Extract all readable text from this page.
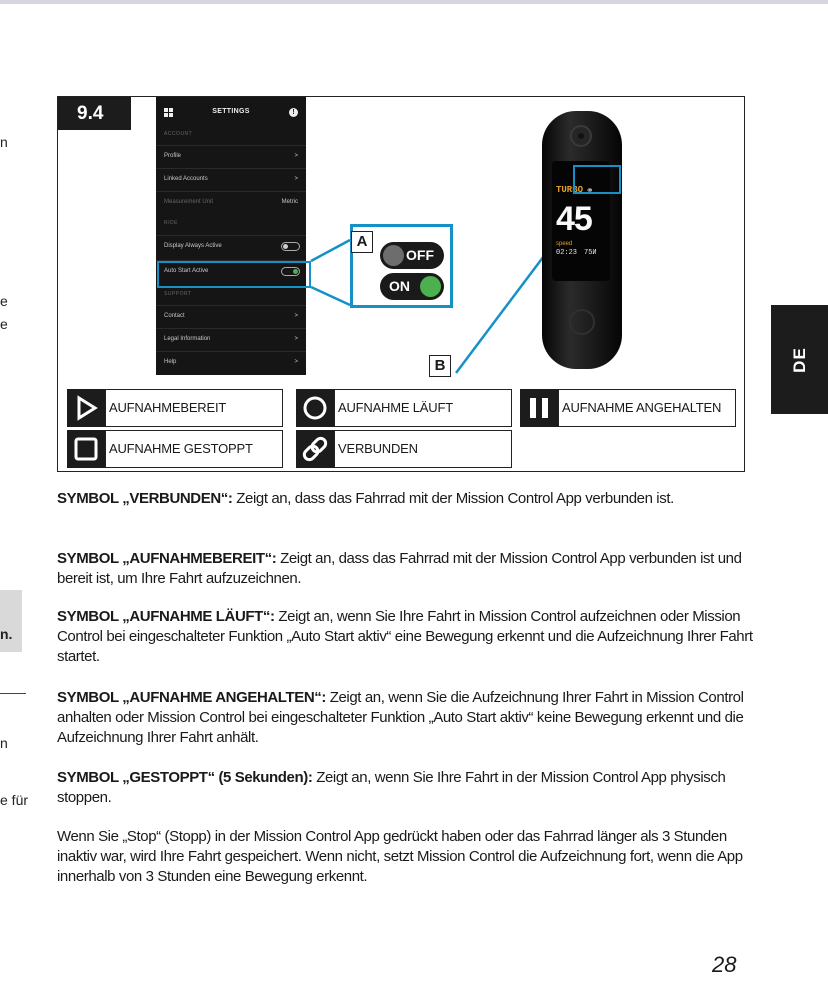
n
e
e
n.
n
e für
DE
9.4	SETTINGS	!
ACCOUNT
Profile	>
Linked Accounts	>
Measurement Unit	Metric
RIDE
Display Always Active
Auto Start Active
SUPPORT
Contact	>
Legal Information	>
Help	>
A
OFF
ON
B
TURBO ⚭
45
speed
02:23 75И
AUFNAHMEBEREIT	AUFNAHME LÄUFT	AUFNAHME ANGEHALTEN
AUFNAHME GESTOPPT	VERBUNDEN
SYMBOL „VERBUNDEN“: Zeigt an, dass das Fahrrad mit der Mission Control App verbunden ist.
SYMBOL „AUFNAHMEBEREIT“: Zeigt an, dass das Fahrrad mit der Mission Control App verbunden ist und bereit ist, um Ihre Fahrt aufzuzeichnen.
SYMBOL „AUFNAHME LÄUFT“: Zeigt an, wenn Sie Ihre Fahrt in Mission Control aufzeichnen oder Mission Control bei eingeschalteter Funktion „Auto Start aktiv“ eine Bewegung erkennt und die Aufzeichnung Ihrer Fahrt startet.
SYMBOL „AUFNAHME ANGEHALTEN“: Zeigt an, wenn Sie die Aufzeichnung Ihrer Fahrt in Mission Control anhalten oder Mission Control bei eingeschalteter Funktion „Auto Start aktiv“ keine Bewegung erkennt und die Aufzeichnung Ihrer Fahrt anhält.
SYMBOL „GESTOPPT“ (5 Sekunden): Zeigt an, wenn Sie Ihre Fahrt in der Mission Control App physisch stoppen.
Wenn Sie „Stop“ (Stopp) in der Mission Control App gedrückt haben oder das Fahrrad länger als 3 Stunden inaktiv war, wird Ihre Fahrt gespeichert. Wenn nicht, setzt Mission Control die Aufzeichnung fort, wenn die App innerhalb von 3 Stunden eine Bewegung erkennt.
28
